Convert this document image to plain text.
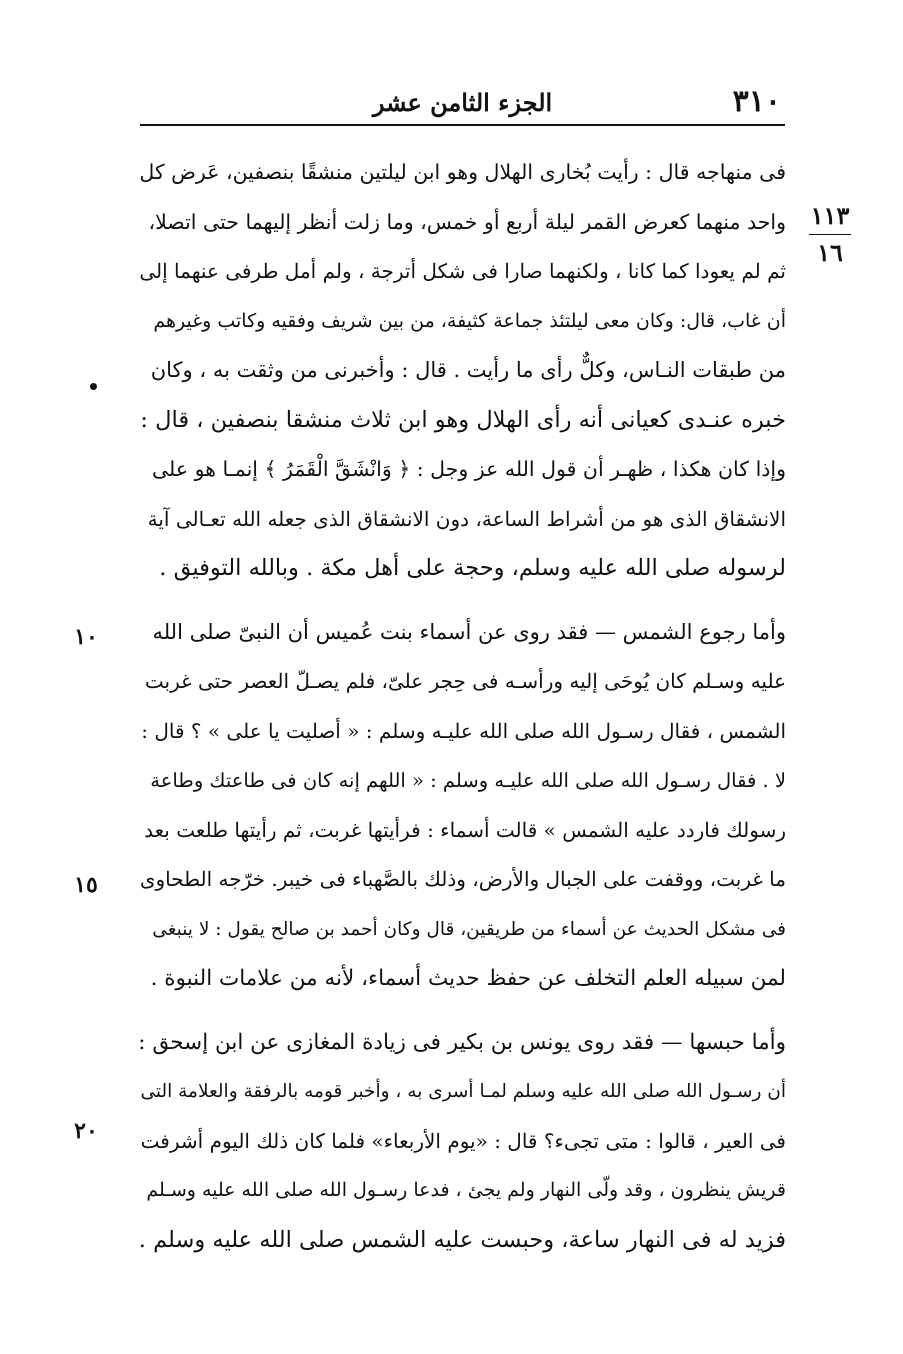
٣١٠
الجزء الثامن عشر
١١٣
١٦
١٠
١٥
٢٠
فى منهاجه قال : رأيت بُخارى الهلال وهو ابن ليلتين منشقًا بنصفين، عَرض كل
واحد منهما كعرض القمر ليلة أربع أو خمس، وما زلت أنظر إليهما حتى اتصلا،
ثم لم يعودا كما كانا ، ولكنهما صارا فى شكل أترجة ، ولم أمل طرفى عنهما إلى
أن غاب، قال: وكان معى ليلتئذ جماعة كثيفة، من بين شريف وفقيه وكاتب وغيرهم
من طبقات النـاس، وكلٌّ رأى ما رأيت . قال : وأخبرنى من وثقت به ، وكان
خبره عنـدى كعيانى أنه رأى الهلال وهو ابن ثلاث منشقا بنصفين ، قال :
وإذا كان هكذا ، ظهـر أن قول الله عز وجل : ﴿ وَانْشَقَّ الْقَمَرُ ﴾ إنمـا هو على
الانشقاق الذى هو من أشراط الساعة، دون الانشقاق الذى جعله الله تعـالى آية
لرسوله صلى الله عليه وسلم، وحجة على أهل مكة . وبالله التوفيق .
وأما رجوع الشمس — فقد روى عن أسماء بنت عُميس أن النبىّ صلى الله
عليه وسـلم كان يُوحَى إليه ورأسـه فى حِجر علىّ، فلم يصـلّ العصر حتى غربت
الشمس ، فقال رسـول الله صلى الله عليـه وسلم : « أصليت يا على » ؟ قال :
لا . فقال رسـول الله صلى الله عليـه وسلم : « اللهم إنه كان فى طاعتك وطاعة
رسولك فاردد عليه الشمس » قالت أسماء : فرأيتها غربت، ثم رأيتها طلعت بعد
ما غربت، ووقفت على الجبال والأرض، وذلك بالصَّهباء فى خيبر. خرّجه الطحاوى
فى مشكل الحديث عن أسماء من طريقين، قال وكان أحمد بن صالح يقول : لا ينبغى
لمن سبيله العلم التخلف عن حفظ حديث أسماء، لأنه من علامات النبوة .
وأما حبسها — فقد روى يونس بن بكير فى زيادة المغازى عن ابن إسحق :
أن رسـول الله صلى الله عليه وسلم لمـا أسرى به ، وأخبر قومه بالرفقة والعلامة التى
فى العير ، قالوا : متى تجىء؟ قال : «يوم الأربعاء» فلما كان ذلك اليوم أشرفت
قريش ينظرون ، وقد ولّى النهار ولم يجئ ، فدعا رسـول الله صلى الله عليه وسـلم
فزيد له فى النهار ساعة، وحبست عليه الشمس صلى الله عليه وسلم .
